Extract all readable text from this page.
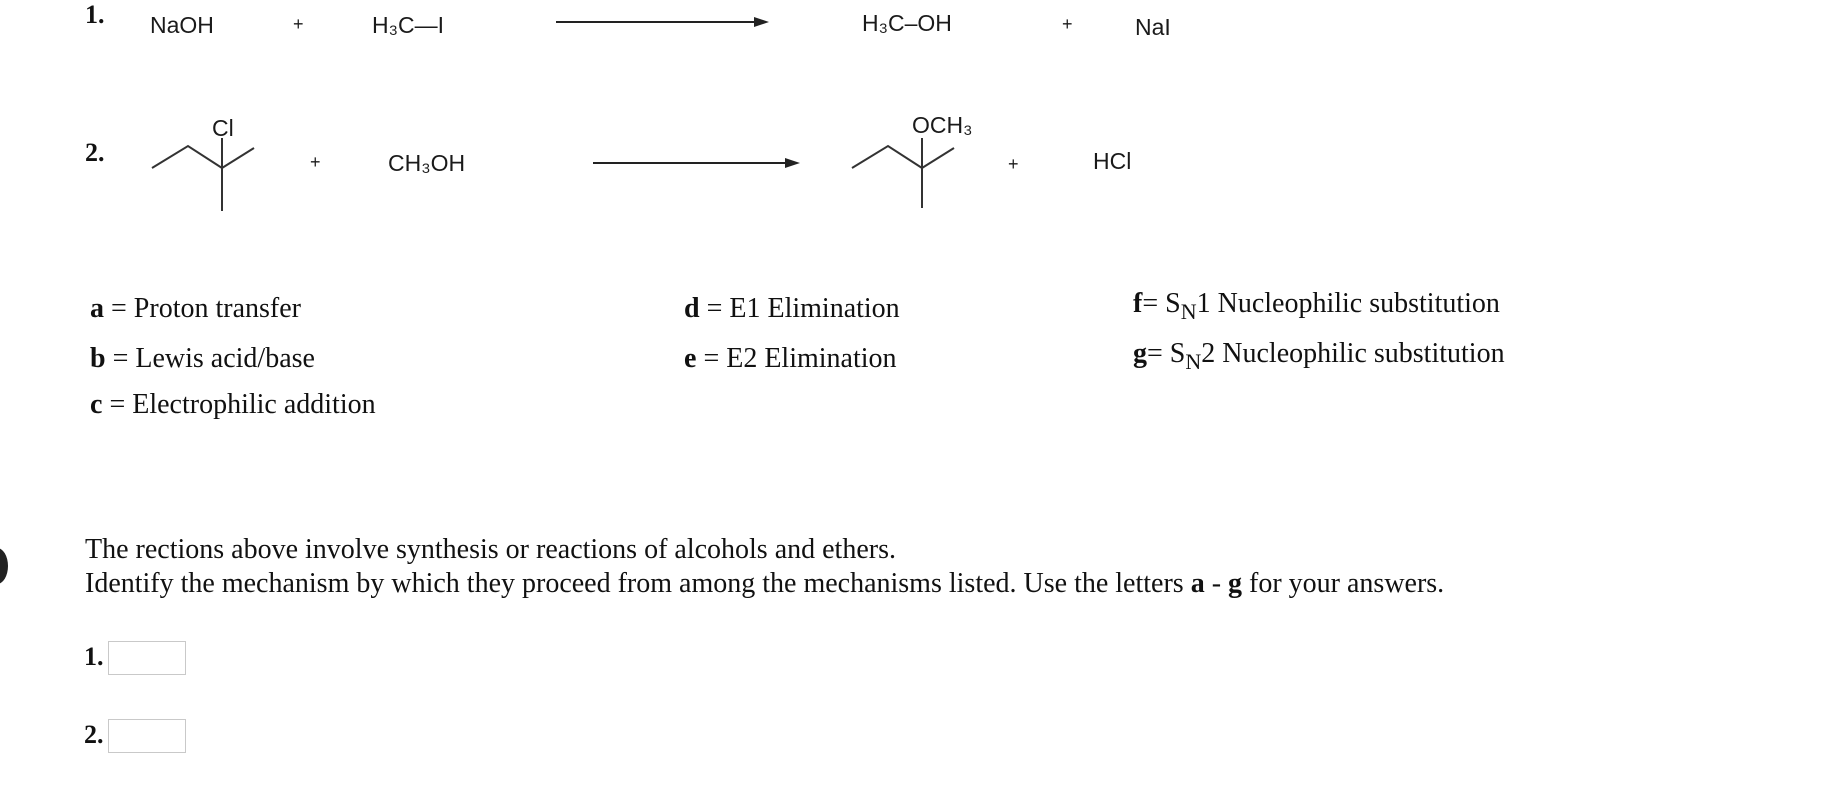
1. NaOH	+	H₃C—I	H₃C–OH	+	NaI
2.
Cl
+	CH₃OH
OCH₃
+	HCl
a = Proton transfer
b = Lewis acid/base
c = Electrophilic addition
d = E1 Elimination
e = E2 Elimination
$f= S_N1$ Nucleophilic substitution
$g= S_N2$ Nucleophilic substitution
The rections above involve synthesis or reactions of alcohols and ethers.
Identify the mechanism by which they proceed from among the mechanisms listed. Use the letters a - g for your answers.
1.
2.
